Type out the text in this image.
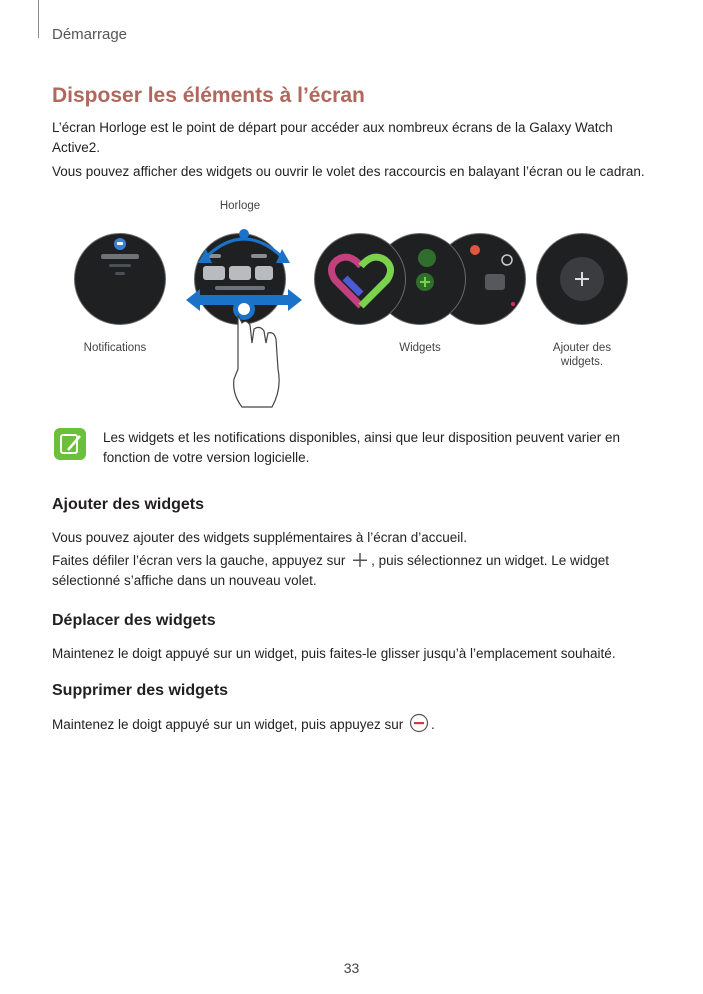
Démarrage
Disposer les éléments à l’écran

L’écran Horloge est le point de départ pour accéder aux nombreux écrans de la Galaxy Watch Active2.

Vous pouvez afficher des widgets ou ouvrir le volet des raccourcis en balayant l’écran ou le cadran.

Horloge
Notifications	Widgets	Ajouter des widgets.

Les widgets et les notifications disponibles, ainsi que leur disposition peuvent varier en fonction de votre version logicielle.

Ajouter des widgets

Vous pouvez ajouter des widgets supplémentaires à l’écran d’accueil.

Faites défiler l’écran vers la gauche, appuyez sur , puis sélectionnez un widget. Le widget sélectionné s’affiche dans un nouveau volet.

Déplacer des widgets

Maintenez le doigt appuyé sur un widget, puis faites-le glisser jusqu’à l’emplacement souhaité.

Supprimer des widgets

Maintenez le doigt appuyé sur un widget, puis appuyez sur .

33
